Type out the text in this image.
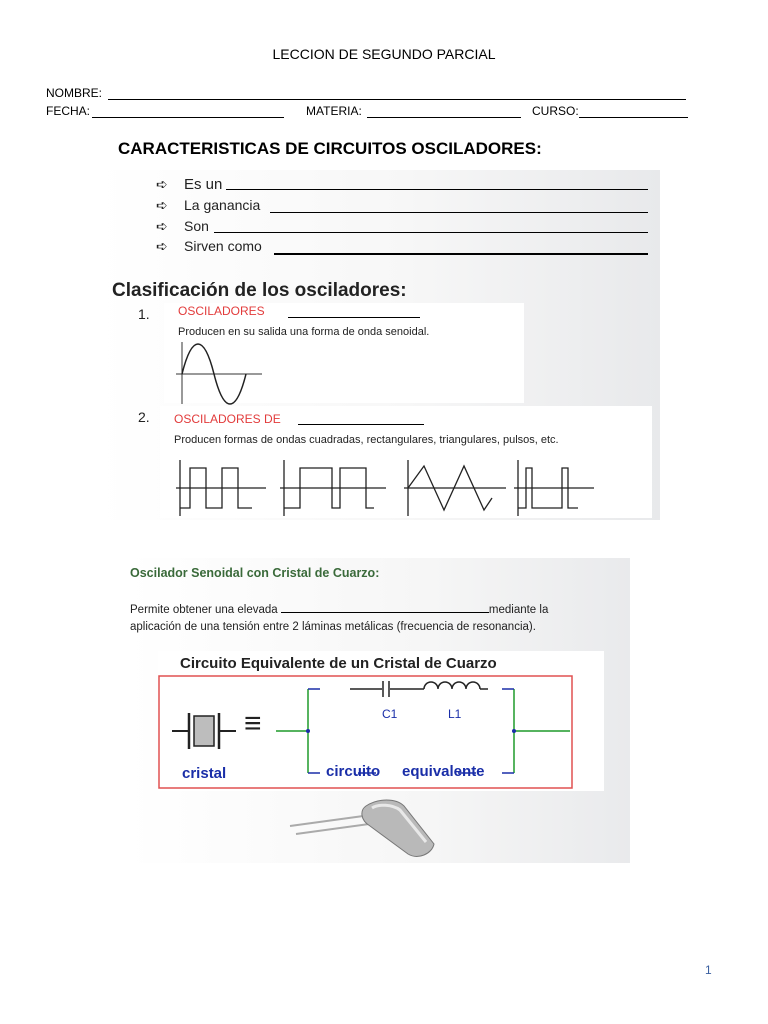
LECCION DE SEGUNDO PARCIAL
NOMBRE:
FECHA:	MATERIA:	CURSO:
CARACTERISTICAS DE CIRCUITOS OSCILADORES:
➪ Es un
➪ La ganancia
➪ Son
➪ Sirven como
Clasificación de los osciladores:
1. OSCILADORES
Producen en su salida una forma de onda senoidal.
2. OSCILADORES DE
Producen formas de ondas cuadradas, rectangulares, triangulares, pulsos, etc.
Oscilador Senoidal con Cristal de Cuarzo:
Permite obtener una elevada	mediante la
aplicación de una tensión entre 2 láminas metálicas (frecuencia de resonancia).
Circuito Equivalente de un Cristal de Cuarzo
≡	C1	L1
cristal	circuito equivalente
1
